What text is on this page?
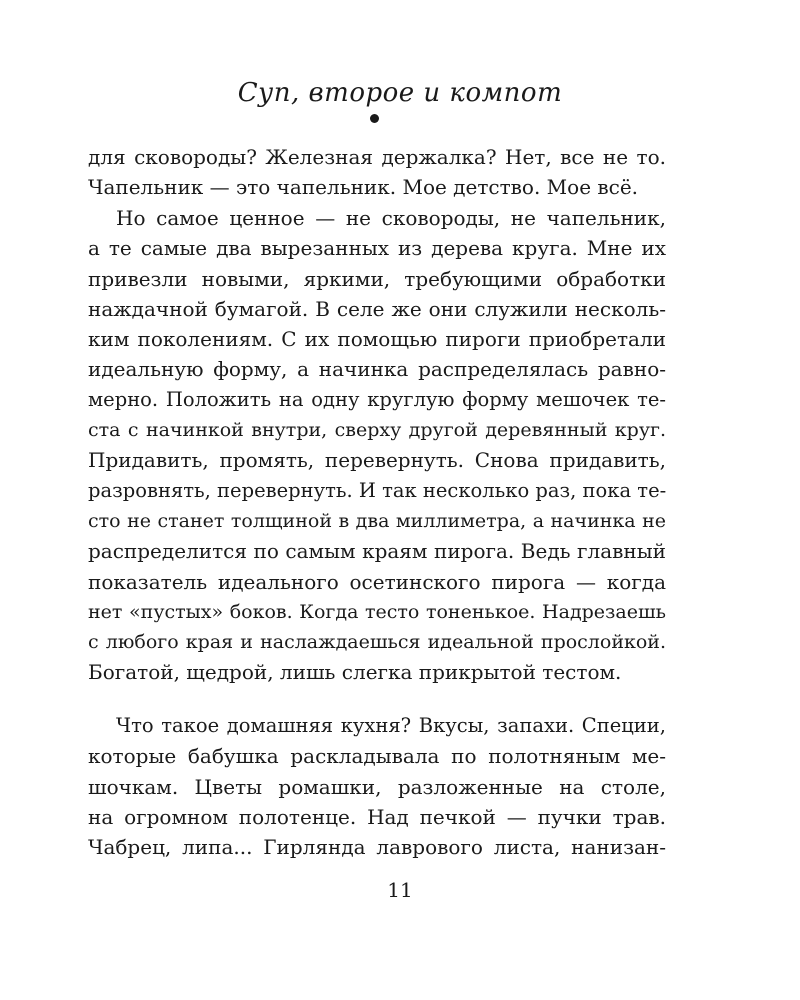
Суп, второе и компот
для сковороды? Железная держалка? Нет, все не то.
Чапельник — это чапельник. Мое детство. Мое всё.
Но самое ценное — не сковороды, не чапельник,
а те самые два вырезанных из дерева круга. Мне их
привезли новыми, яркими, требующими обработки
наждачной бумагой. В селе же они служили несколь-
ким поколениям. С их помощью пироги приобретали
идеальную форму, а начинка распределялась равно-
мерно. Положить на одну круглую форму мешочек те-
ста с начинкой внутри, сверху другой деревянный круг.
Придавить, промять, перевернуть. Снова придавить,
разровнять, перевернуть. И так несколько раз, пока те-
сто не станет толщиной в два миллиметра, а начинка не
распределится по самым краям пирога. Ведь главный
показатель идеального осетинского пирога — когда
нет «пустых» боков. Когда тесто тоненькое. Надрезаешь
с любого края и наслаждаешься идеальной прослойкой.
Богатой, щедрой, лишь слегка прикрытой тестом.
Что такое домашняя кухня? Вкусы, запахи. Специи,
которые бабушка раскладывала по полотняным ме-
шочкам. Цветы ромашки, разложенные на столе,
на огромном полотенце. Над печкой — пучки трав.
Чабрец, липа... Гирлянда лаврового листа, нанизан-
11
